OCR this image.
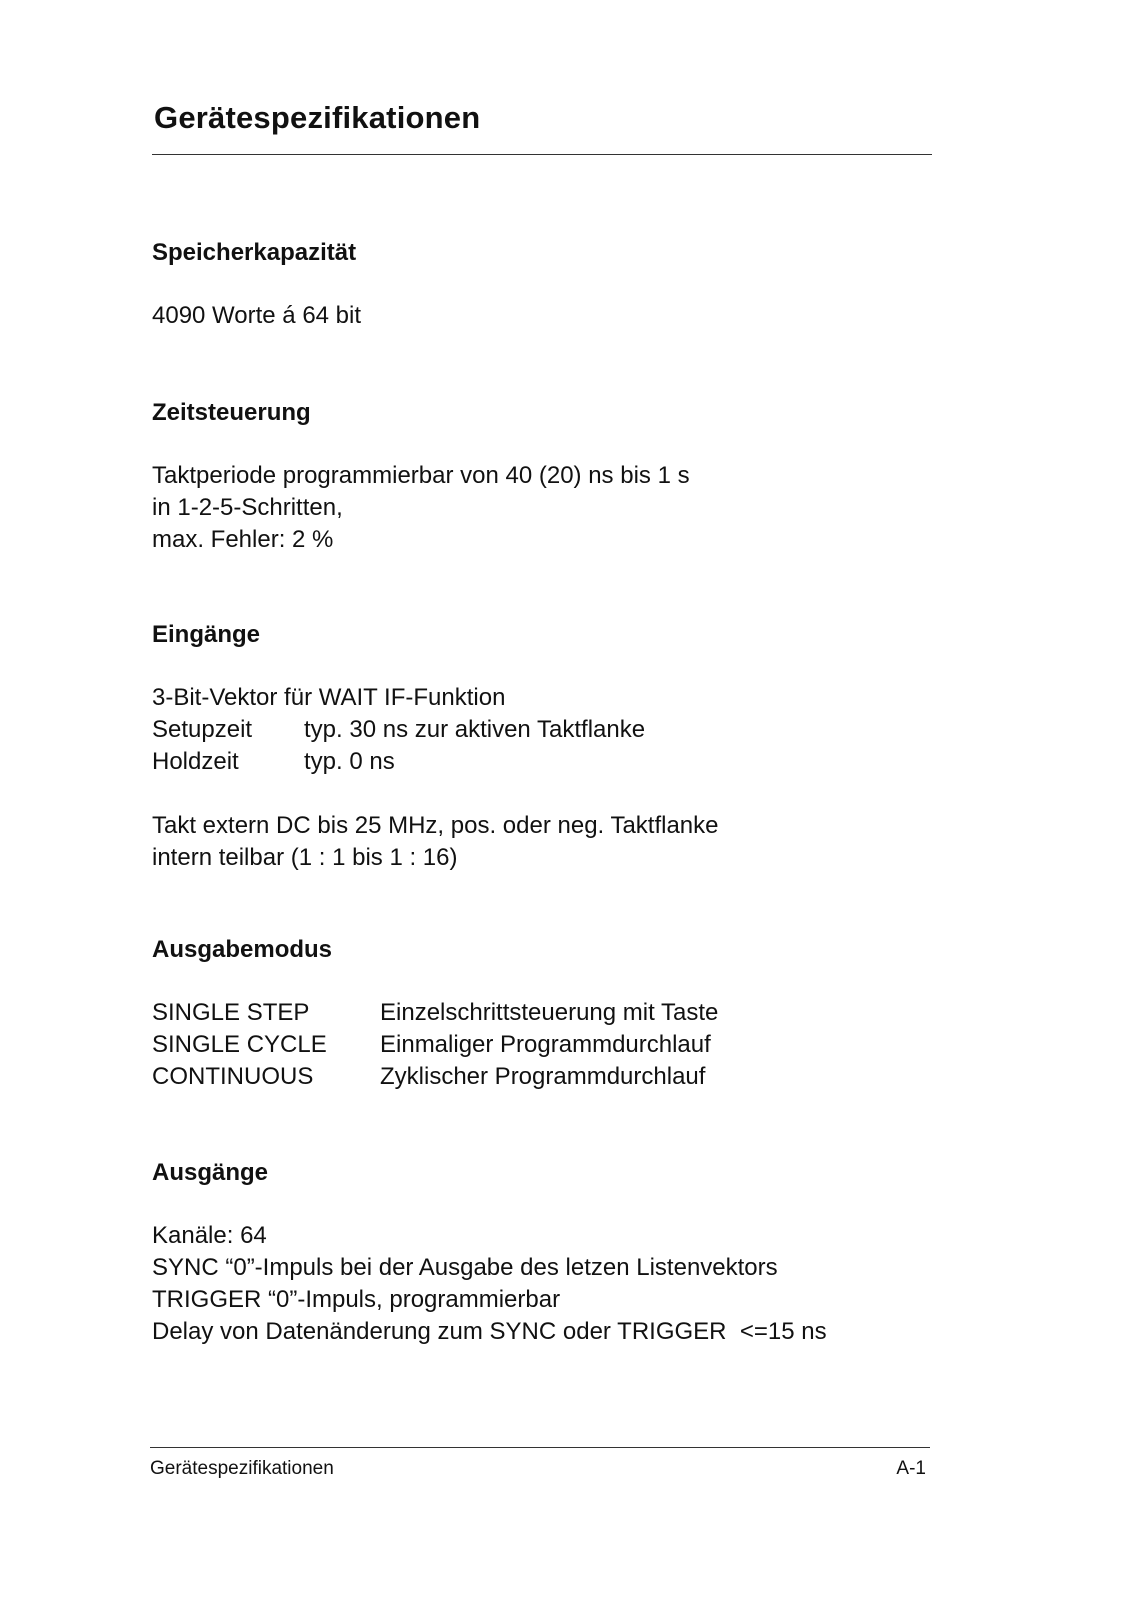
Gerätespezifikationen
Speicherkapazität

4090 Worte á 64 bit

Zeitsteuerung

Taktperiode programmierbar von 40 (20) ns bis 1 s

in 1-2-5-Schritten,

max. Fehler: 2 %

Eingänge

3-Bit-Vektor für WAIT IF-Funktion

Setupzeit	typ. 30 ns zur aktiven Taktflanke
Holdzeit	typ. 0 ns

Takt extern DC bis 25 MHz, pos. oder neg. Taktflanke

intern teilbar (1 : 1 bis 1 : 16)

Ausgabemodus
SINGLE STEP	Einzelschrittsteuerung mit Taste
SINGLE CYCLE	Einmaliger Programmdurchlauf
CONTINUOUS	Zyklischer Programmdurchlauf
Ausgänge

Kanäle: 64

SYNC “0”-Impuls bei der Ausgabe des letzen Listenvektors

TRIGGER “0”-Impuls, programmierbar

Delay von Datenänderung zum SYNC oder TRIGGER  <=15 ns

Gerätespezifikationen	A-1
